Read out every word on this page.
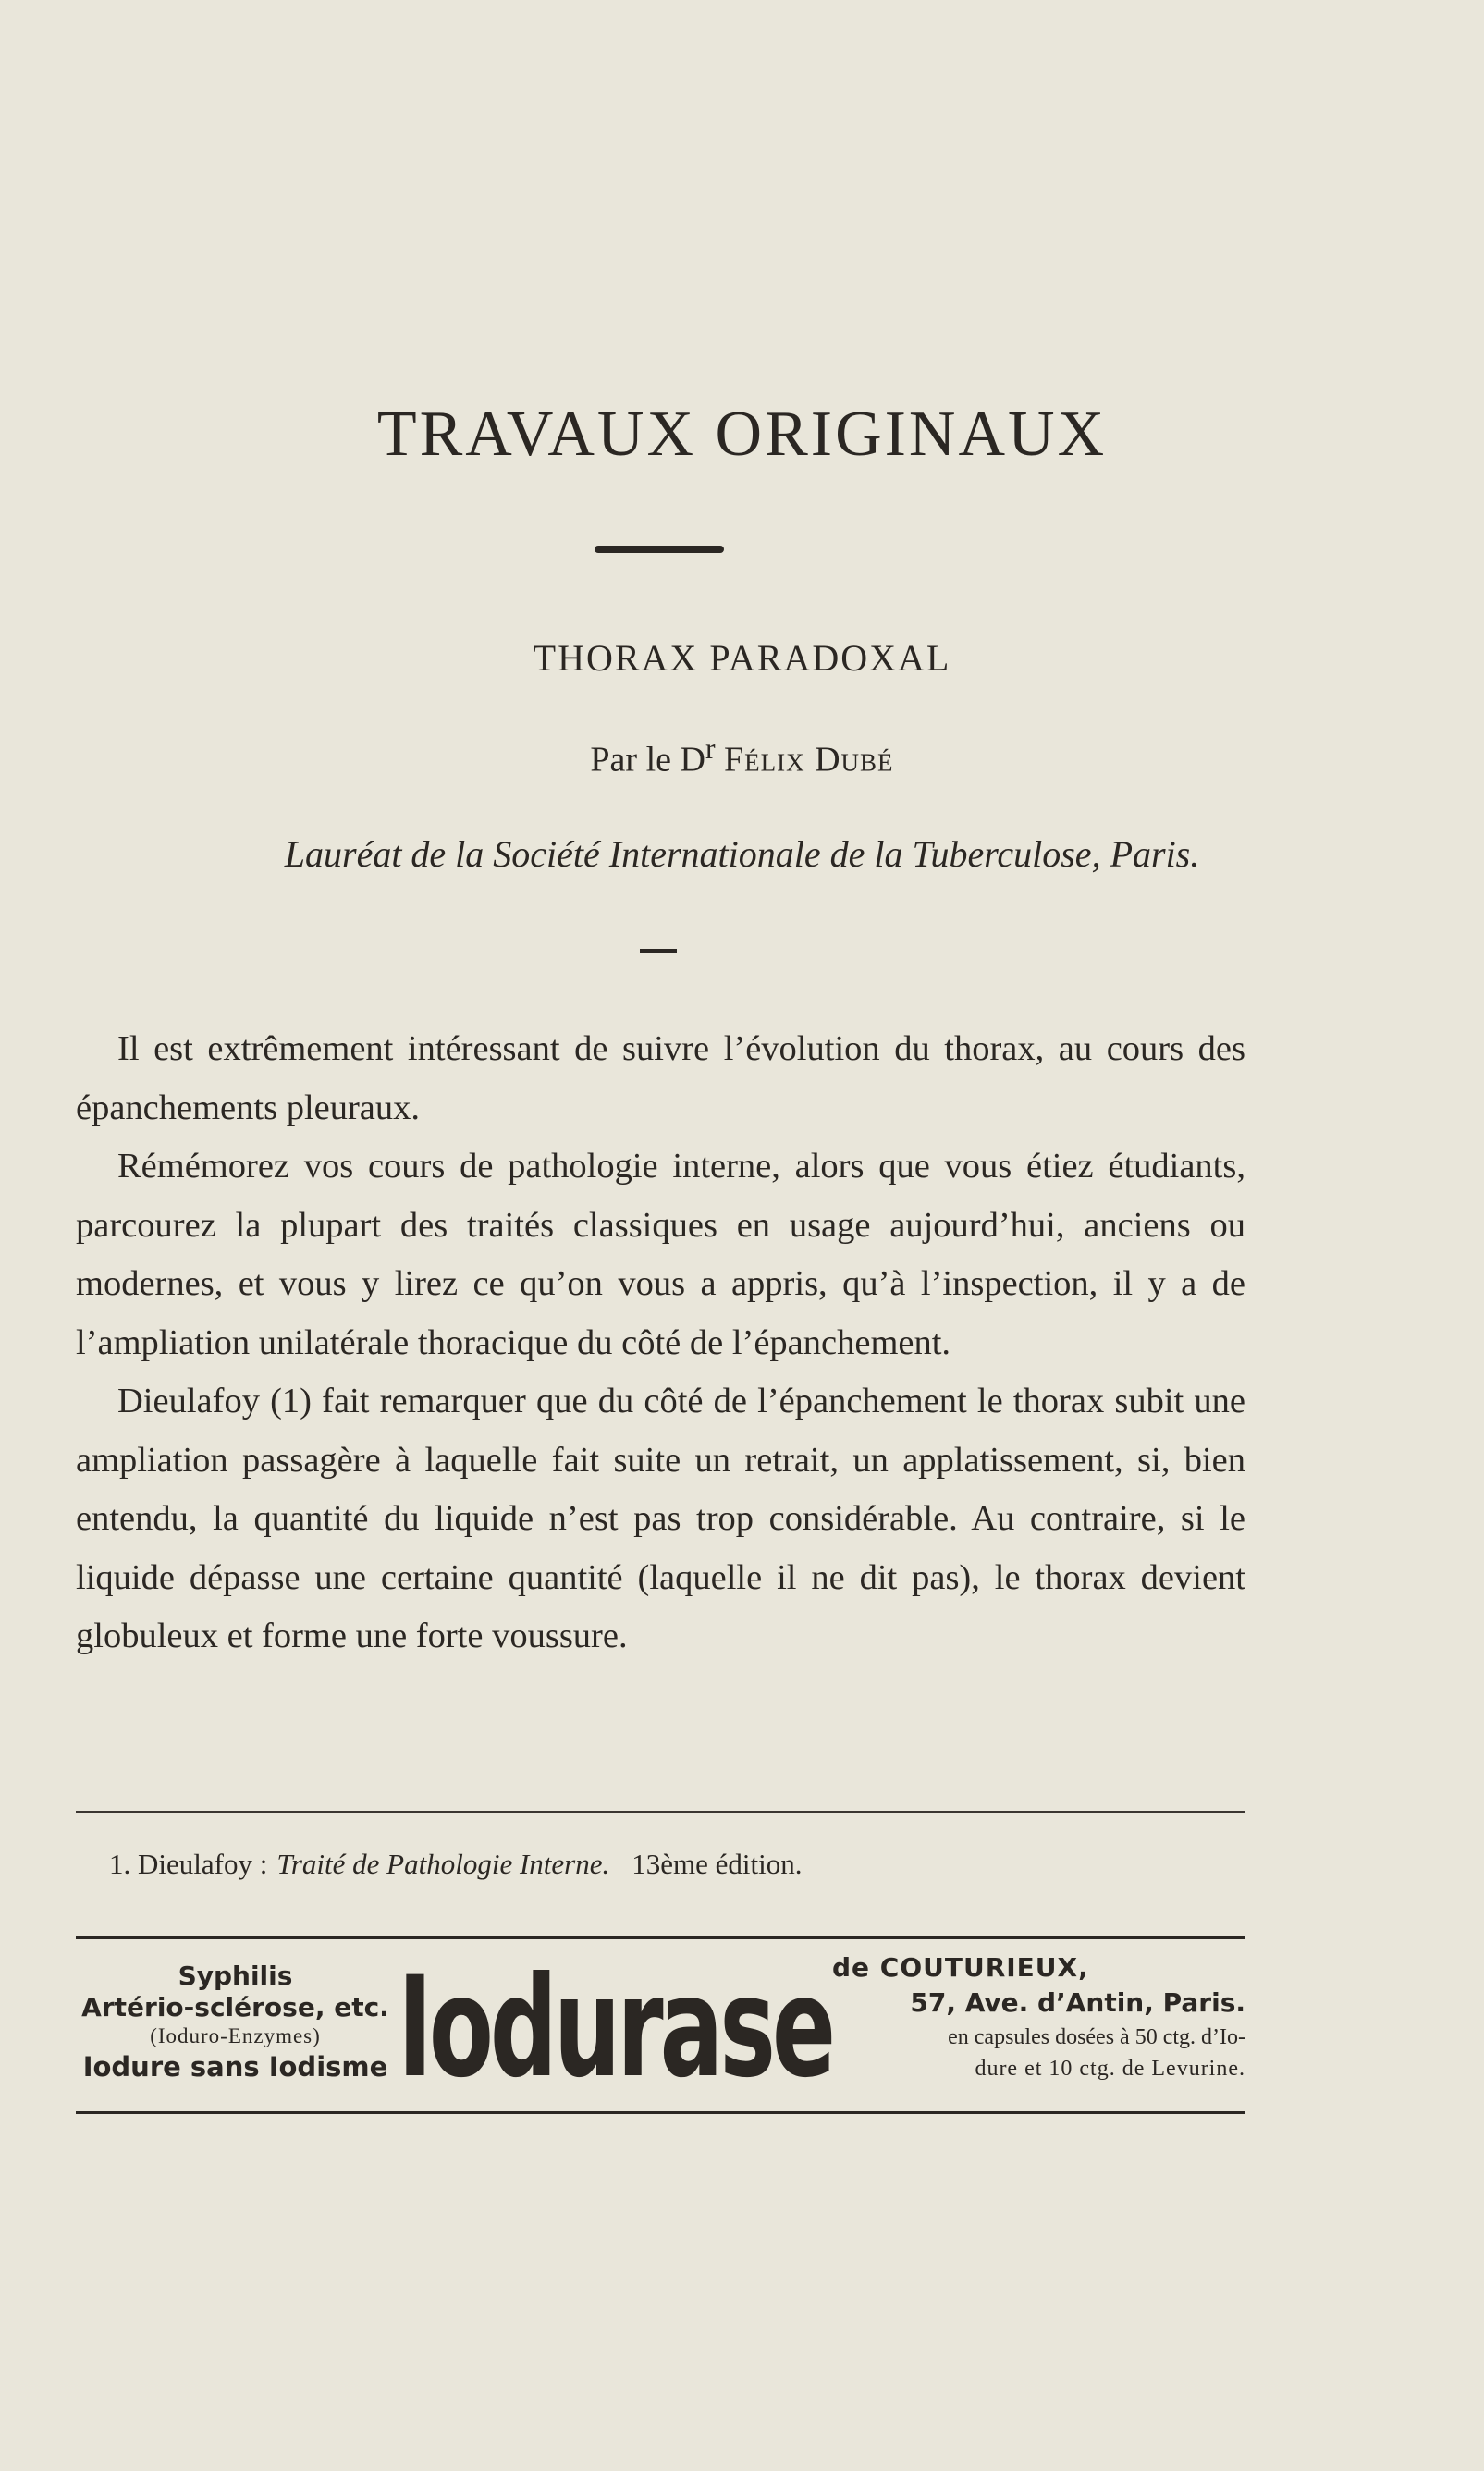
TRAVAUX ORIGINAUX
THORAX PARADOXAL

Par le $D^r$ Félix Dubé

Lauréat de la Société Internationale de la Tuberculose, Paris.

Il est extrêmement intéressant de suivre l’évolution du thorax, au cours des épanchements pleuraux.

Rémémorez vos cours de pathologie interne, alors que vous étiez étudiants, parcourez la plupart des traités classiques en usage aujourd’hui, anciens ou modernes, et vous y lirez ce qu’on vous a appris, qu’à l’inspection, il y a de l’ampliation unilatérale thoracique du côté de l’épanchement.

Dieulafoy (1) fait remarquer que du côté de l’épanchement le thorax subit une ampliation passagère à laquelle fait suite un retrait, un applatissement, si, bien entendu, la quantité du liquide n’est pas trop considérable. Au contraire, si le liquide dépasse une certaine quantité (laquelle il ne dit pas), le thorax devient globuleux et forme une forte voussure.

1. Dieulafoy : Traité de Pathologie Interne. 13ème édition.

Syphilis
Artério-sclérose, etc.
(Ioduro-Enzymes)
Iodure sans Iodisme Iodurase de COUTURIEUX,
57, Ave. d’Antin, Paris.
en capsules dosées à 50 ctg. d’Io-
dure et 10 ctg. de Levurine.
